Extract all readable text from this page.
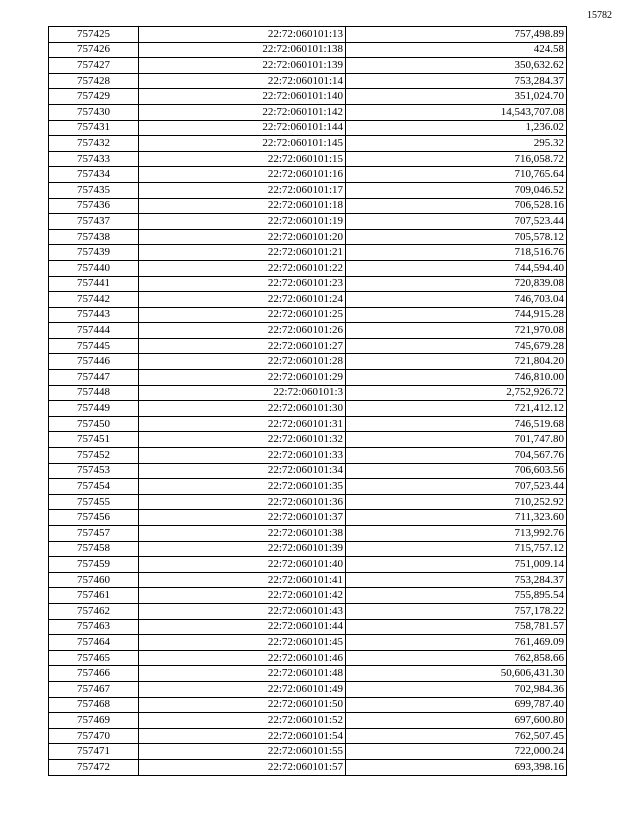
15782
757425	22:72:060101:13	757,498.89
757426	22:72:060101:138	424.58
757427	22:72:060101:139	350,632.62
757428	22:72:060101:14	753,284.37
757429	22:72:060101:140	351,024.70
757430	22:72:060101:142	14,543,707.08
757431	22:72:060101:144	1,236.02
757432	22:72:060101:145	295.32
757433	22:72:060101:15	716,058.72
757434	22:72:060101:16	710,765.64
757435	22:72:060101:17	709,046.52
757436	22:72:060101:18	706,528.16
757437	22:72:060101:19	707,523.44
757438	22:72:060101:20	705,578.12
757439	22:72:060101:21	718,516.76
757440	22:72:060101:22	744,594.40
757441	22:72:060101:23	720,839.08
757442	22:72:060101:24	746,703.04
757443	22:72:060101:25	744,915.28
757444	22:72:060101:26	721,970.08
757445	22:72:060101:27	745,679.28
757446	22:72:060101:28	721,804.20
757447	22:72:060101:29	746,810.00
757448	22:72:060101:3	2,752,926.72
757449	22:72:060101:30	721,412.12
757450	22:72:060101:31	746,519.68
757451	22:72:060101:32	701,747.80
757452	22:72:060101:33	704,567.76
757453	22:72:060101:34	706,603.56
757454	22:72:060101:35	707,523.44
757455	22:72:060101:36	710,252.92
757456	22:72:060101:37	711,323.60
757457	22:72:060101:38	713,992.76
757458	22:72:060101:39	715,757.12
757459	22:72:060101:40	751,009.14
757460	22:72:060101:41	753,284.37
757461	22:72:060101:42	755,895.54
757462	22:72:060101:43	757,178.22
757463	22:72:060101:44	758,781.57
757464	22:72:060101:45	761,469.09
757465	22:72:060101:46	762,858.66
757466	22:72:060101:48	50,606,431.30
757467	22:72:060101:49	702,984.36
757468	22:72:060101:50	699,787.40
757469	22:72:060101:52	697,600.80
757470	22:72:060101:54	762,507.45
757471	22:72:060101:55	722,000.24
757472	22:72:060101:57	693,398.16
